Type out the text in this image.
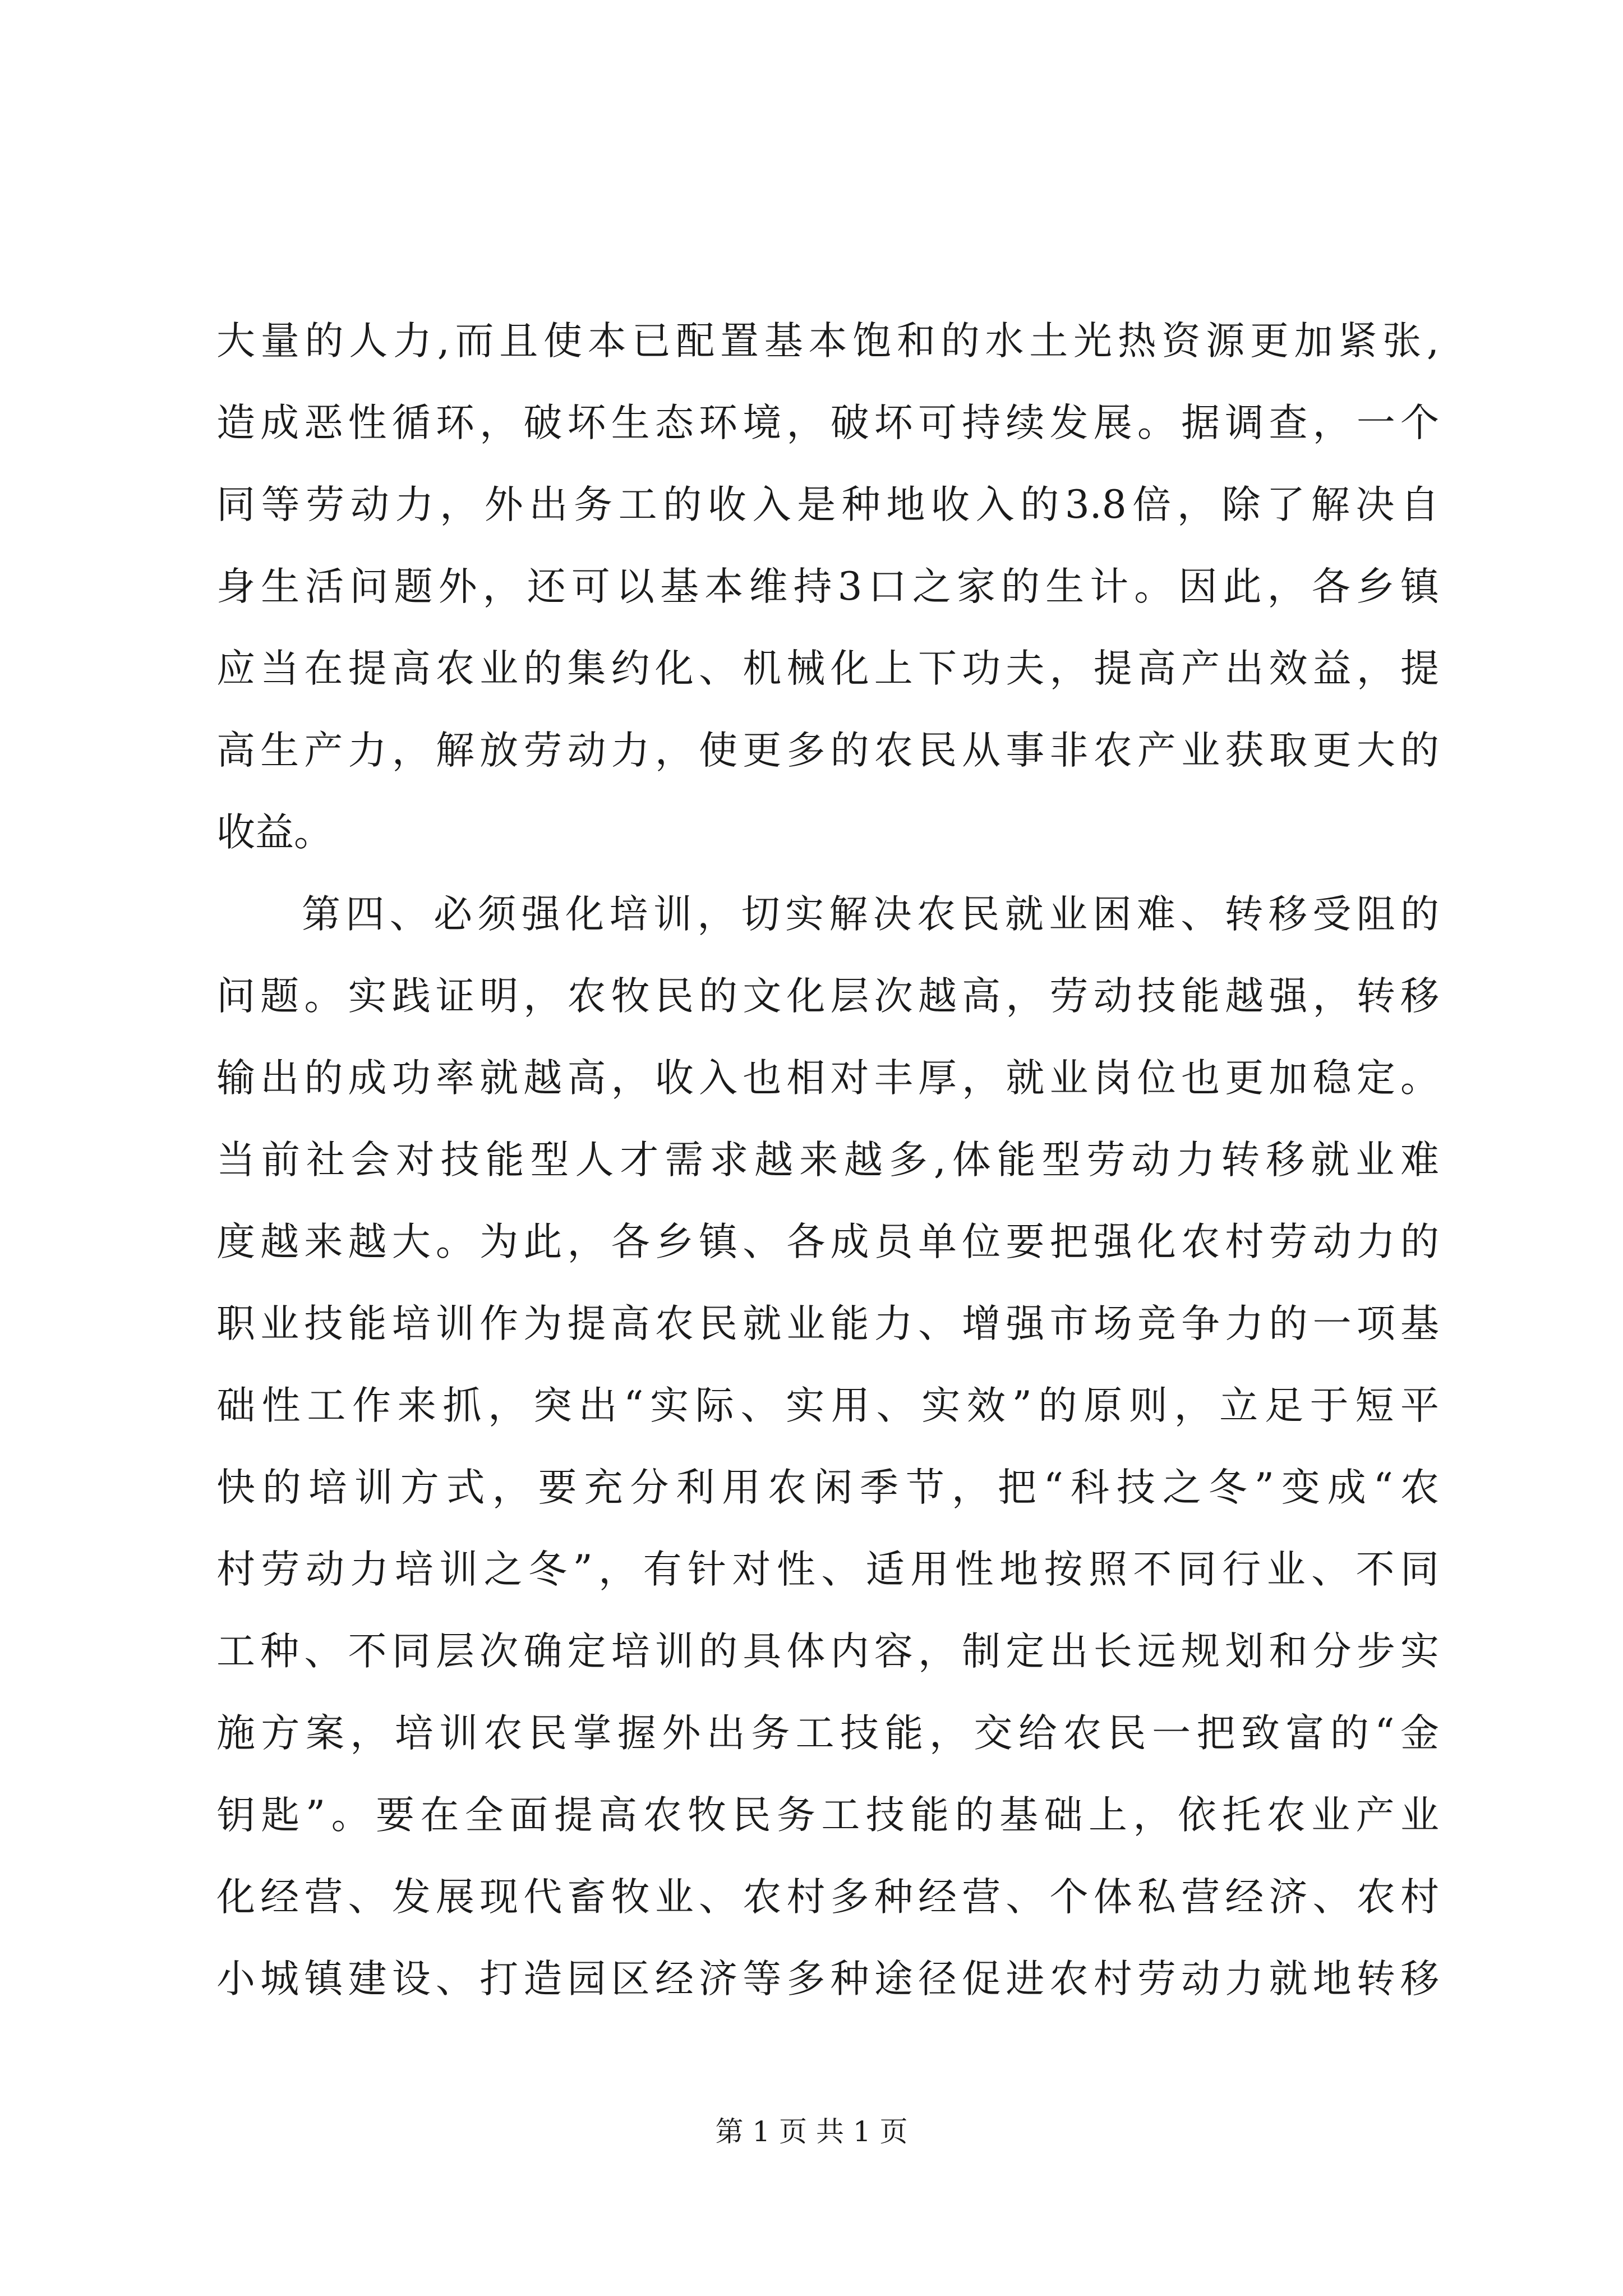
大量的人力,而且使本已配置基本饱和的水土光热资源更加紧张,
造成恶性循环，破坏生态环境，破坏可持续发展。据调查，一个
同等劳动力，外出务工的收入是种地收入的3.8倍，除了解决自
身生活问题外，还可以基本维持3口之家的生计。因此，各乡镇
应当在提高农业的集约化、机械化上下功夫，提高产出效益，提
高生产力，解放劳动力，使更多的农民从事非农产业获取更大的
收益。
第四、必须强化培训，切实解决农民就业困难、转移受阻的
问题。实践证明，农牧民的文化层次越高，劳动技能越强，转移
输出的成功率就越高，收入也相对丰厚，就业岗位也更加稳定。
当前社会对技能型人才需求越来越多,体能型劳动力转移就业难
度越来越大。为此，各乡镇、各成员单位要把强化农村劳动力的
职业技能培训作为提高农民就业能力、增强市场竞争力的一项基
础性工作来抓，突出“实际、实用、实效”的原则，立足于短平
快的培训方式，要充分利用农闲季节，把“科技之冬”变成“农
村劳动力培训之冬”，有针对性、适用性地按照不同行业、不同
工种、不同层次确定培训的具体内容，制定出长远规划和分步实
施方案，培训农民掌握外出务工技能，交给农民一把致富的“金
钥匙”。要在全面提高农牧民务工技能的基础上，依托农业产业
化经营、发展现代畜牧业、农村多种经营、个体私营经济、农村
小城镇建设、打造园区经济等多种途径促进农村劳动力就地转移
第 1 页 共 1 页
